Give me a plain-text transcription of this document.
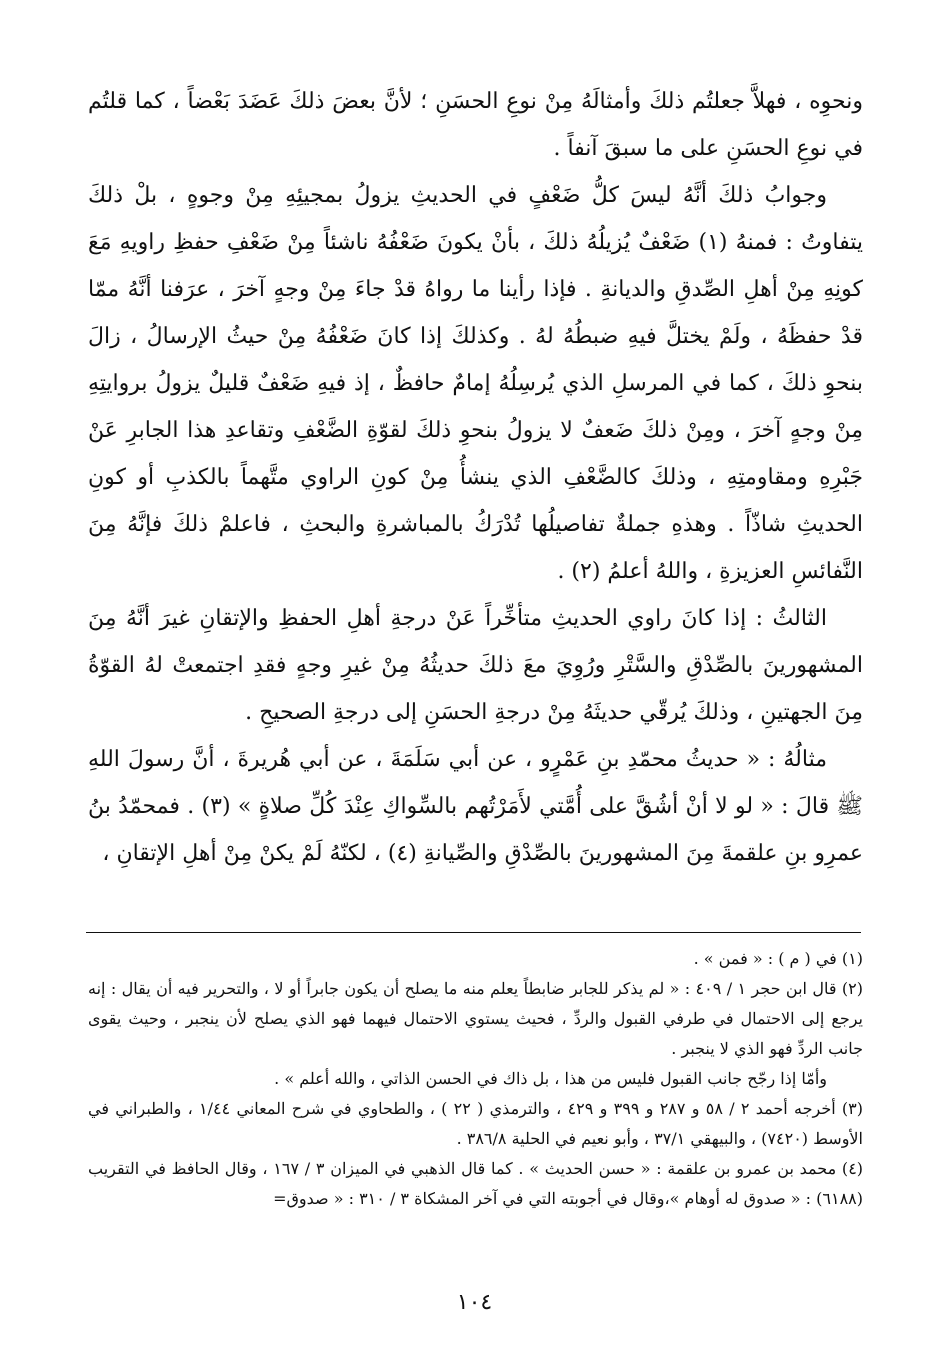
ونحوِه ، فهلاَّ جعلتُم ذلكَ وأمثالَهُ مِنْ نوعِ الحسَنِ ؛ لأنَّ بعضَ ذلكَ عَضَدَ بَعْضاً ، كما قلتُم في نوعِ الحسَنِ على ما سبقَ آنفاً .

وجوابُ ذلكَ أنَّهُ ليسَ كلُّ ضَعْفٍ في الحديثِ يزولُ بمجيئِهِ مِنْ وجوهٍ ، بلْ ذلكَ يتفاوتُ : فمنهُ (١) ضَعْفٌ يُزيلُهُ ذلكَ ، بأنْ يكونَ ضَعْفُهُ ناشئاً مِنْ ضَعْفِ حفظِ راويهِ مَعَ كونِهِ مِنْ أهلِ الصِّدقِ والديانةِ . فإذا رأينا ما رواهُ قدْ جاءَ مِنْ وجهٍ آخرَ ، عرَفنا أنَّهُ ممّا قدْ حفظَهُ ، ولَمْ يختلَّ فيهِ ضبطُهُ لهُ . وكذلكَ إذا كانَ ضَعْفُهُ مِنْ حيثُ الإرسالُ ، زالَ بنحوِ ذلكَ ، كما في المرسلِ الذي يُرسِلُهُ إمامٌ حافظٌ ، إذ فيهِ ضَعْفٌ قليلٌ يزولُ بروايتِهِ مِنْ وجهٍ آخرَ ، ومِنْ ذلكَ ضَعفٌ لا يزولُ بنحوِ ذلكَ لقوّةِ الضَّعْفِ وتقاعدِ هذا الجابرِ عَنْ جَبْرِهِ ومقاومتِهِ ، وذلكَ كالضَّعْفِ الذي ينشأُ مِنْ كونِ الراوي متَّهماً بالكذبِ أو كونِ الحديثِ شاذّاً . وهذهِ جملةٌ تفاصيلُها تُدْرَكُ بالمباشرةِ والبحثِ ، فاعلمْ ذلكَ فإنَّهُ مِنَ النَّفائسِ العزيزةِ ، واللهُ أعلمُ (٢) .

الثالثُ : إذا كانَ راوي الحديثِ متأخِّراً عَنْ درجةِ أهلِ الحفظِ والإتقانِ غيرَ أنَّهُ مِنَ المشهورينَ بالصِّدْقِ والسَّتْرِ ورُوِيَ معَ ذلكَ حديثُهُ مِنْ غيرِ وجهٍ فقدِ اجتمعتْ لهُ القوّةُ مِنَ الجهتينِ ، وذلكَ يُرقّي حديثَهُ مِنْ درجةِ الحسَنِ إلى درجةِ الصحيحِ .

مثالُهُ : « حديثُ محمّدِ بنِ عَمْرٍو ، عن أبي سَلَمَةَ ، عن أبي هُريرةَ ، أنَّ رسولَ اللهِ ﷺ قالَ : « لو لا أنْ أشُقَّ على أُمَّتي لأَمَرْتُهم بالسِّواكِ عِنْدَ كُلِّ صلاةٍ » (٣) . فمحمّدُ بنُ عمرِو بنِ علقمةَ مِنَ المشهورينَ بالصِّدْقِ والصِّيانةِ (٤) ، لكنّهُ لَمْ يكنْ مِنْ أهلِ الإتقانِ ،

(١) في ( م ) : « فمن » .

(٢) قال ابن حجر ١ / ٤٠٩ : « لم يذكر للجابر ضابطاً يعلم منه ما يصلح أن يكون جابراً أو لا ، والتحرير فيه أن يقال : إنه يرجع إلى الاحتمال في طرفي القبول والردِّ ، فحيث يستوي الاحتمال فيهما فهو الذي يصلح لأن ينجبر ، وحيث يقوى جانب الردِّ فهو الذي لا ينجبر .

وأمّا إذا رجّح جانب القبول فليس من هذا ، بل ذاك في الحسن الذاتي ، والله أعلم » .

(٣) أخرجه أحمد ٢ / ٥٨ و ٢٨٧ و ٣٩٩ و ٤٢٩ ، والترمذي ( ٢٢ ) ، والطحاوي في شرح المعاني ١/٤٤ ، والطبراني في الأوسط (٧٤٢٠) ، والبيهقي ٣٧/١ ، وأبو نعيم في الحلية ٣٨٦/٨ .

(٤) محمد بن عمرو بن علقمة : « حسن الحديث » . كما قال الذهبي في الميزان ٣ / ١٦٧ ، وقال الحافظ في التقريب (٦١٨٨) : « صدوق له أوهام »،وقال في أجوبته التي في آخر المشكاة ٣ / ٣١٠ : « صدوق=

١٠٤
